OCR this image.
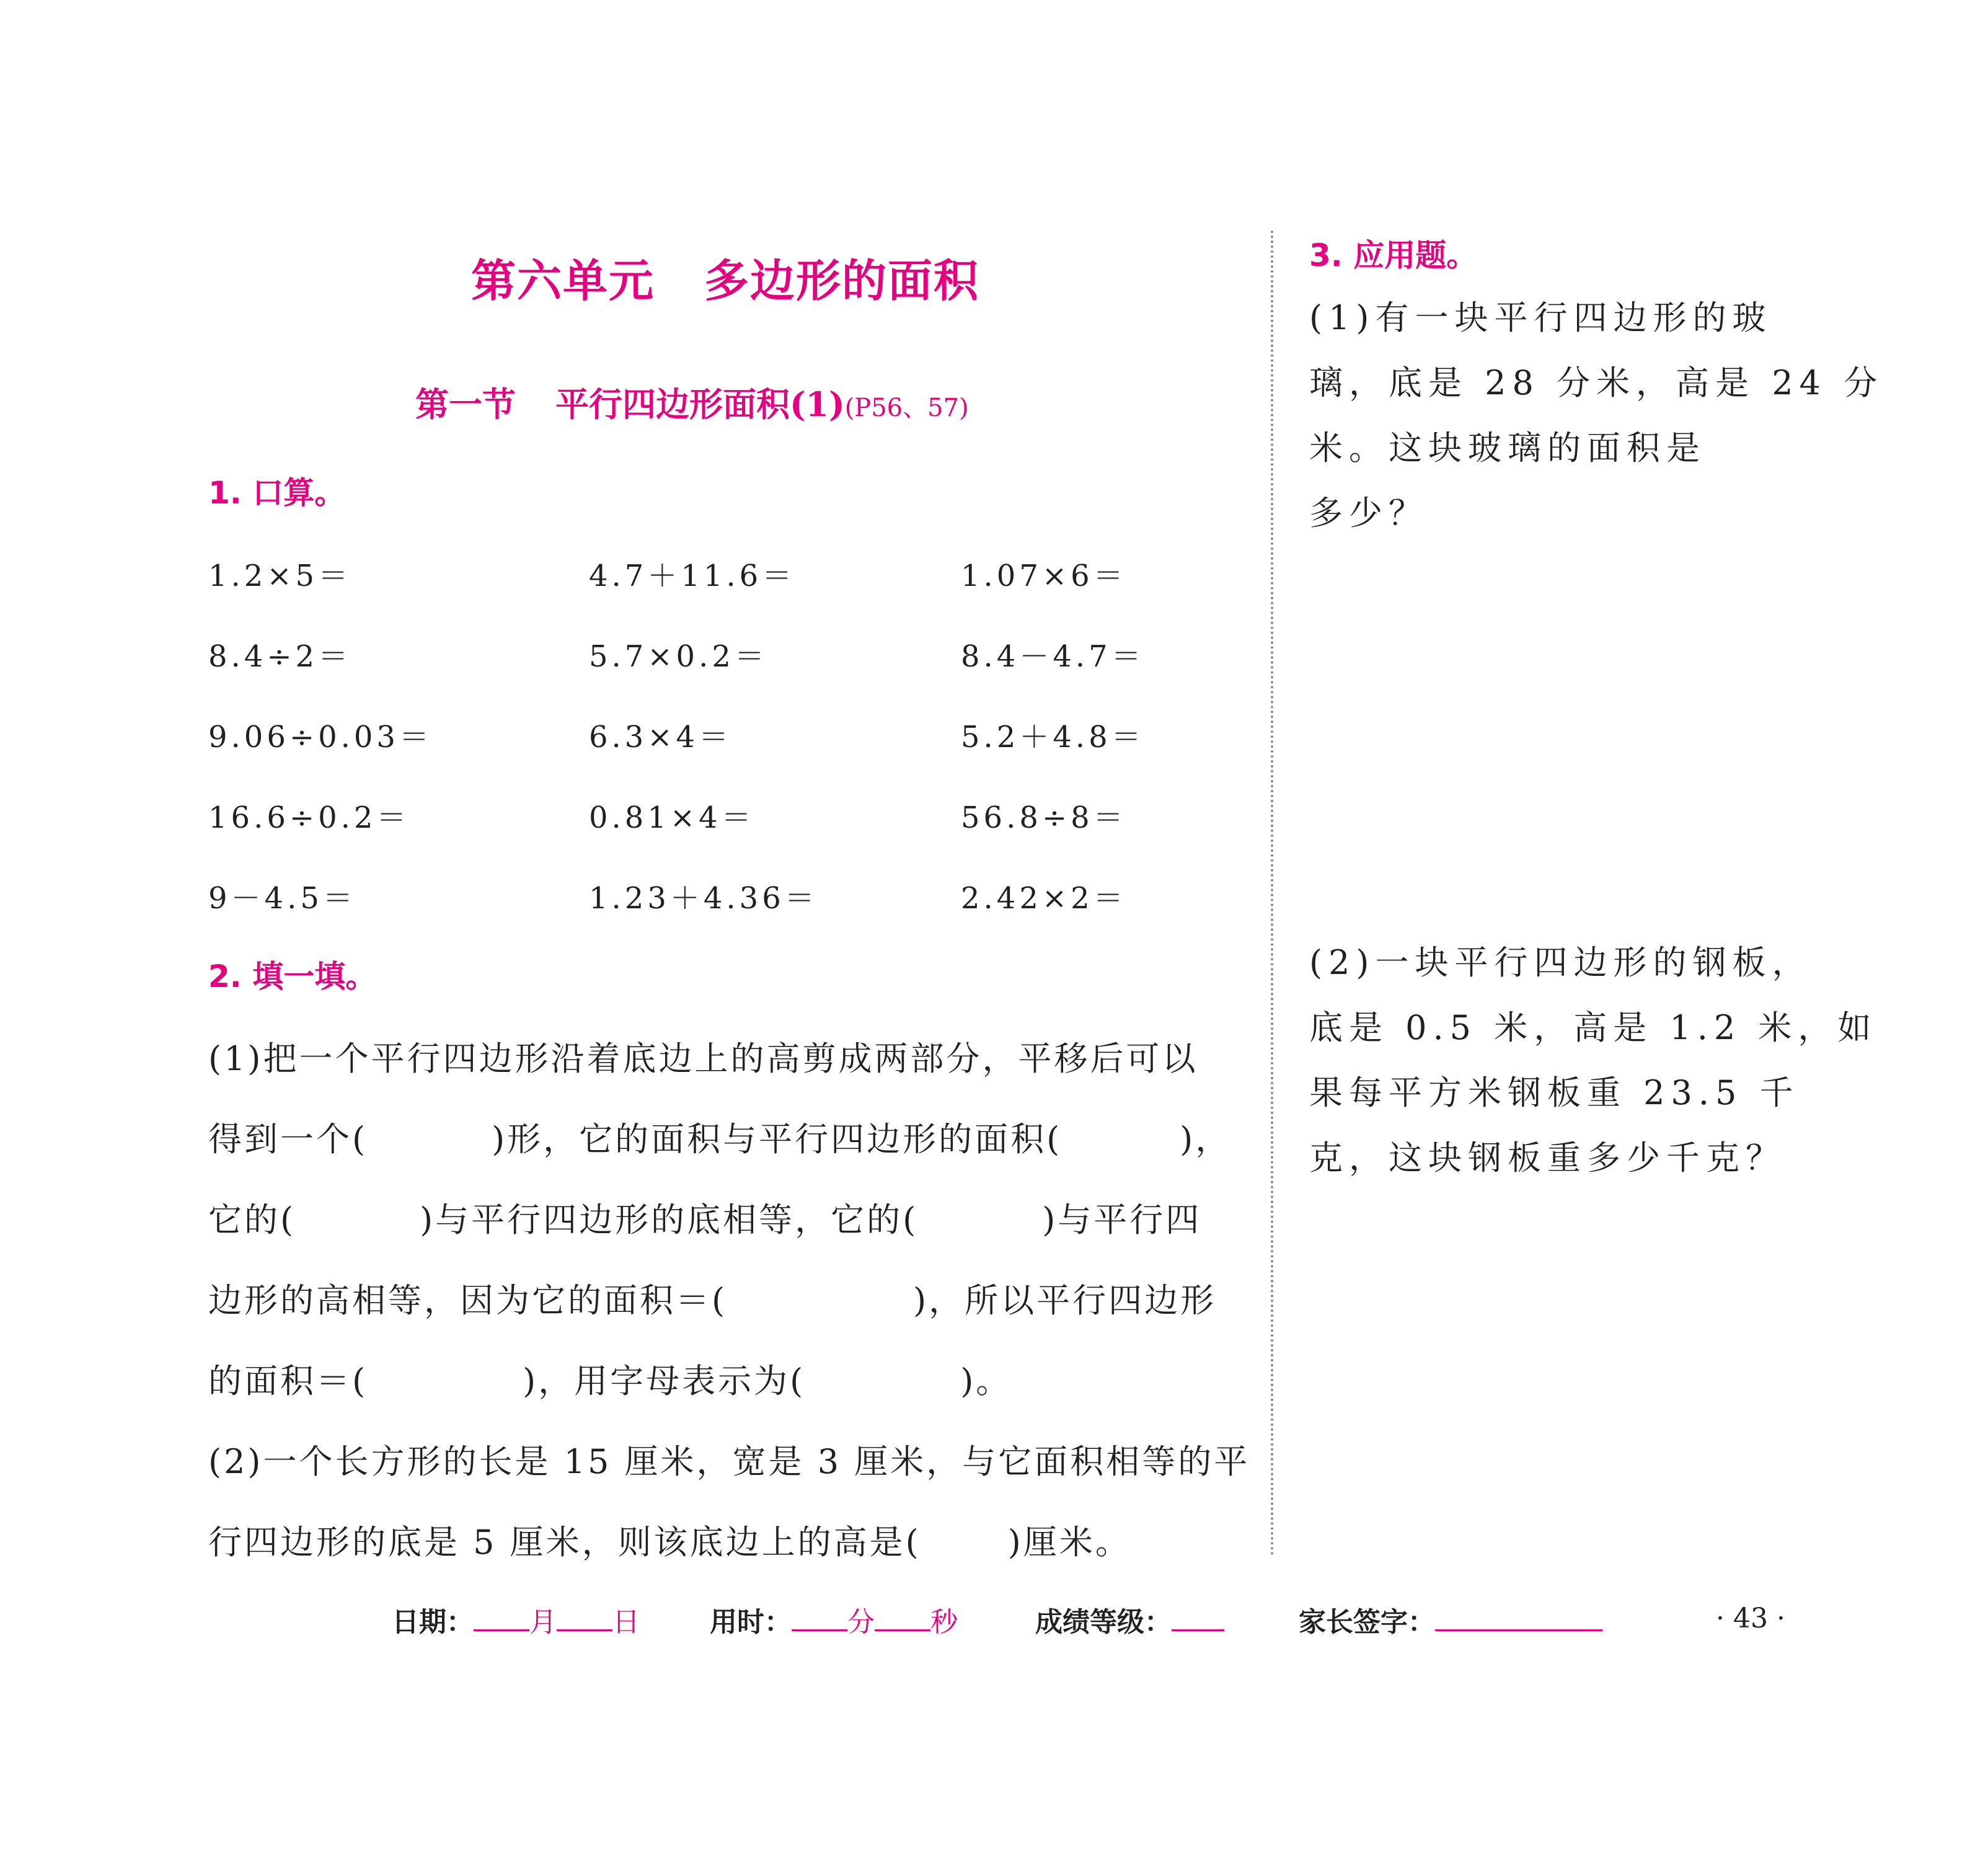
第六单元 多边形的面积
第一节 平行四边形面积(1)(P56、57)
1. 口算。
1.2×5＝	4.7＋11.6＝	1.07×6＝
8.4÷2＝	5.7×0.2＝	8.4－4.7＝
9.06÷0.03＝	6.3×4＝	5.2＋4.8＝
16.6÷0.2＝	0.81×4＝	56.8÷8＝
9－4.5＝	1.23＋4.36＝	2.42×2＝
2. 填一填。
(1)把一个平行四边形沿着底边上的高剪成两部分，平移后可以
得到一个(	)形，它的面积与平行四边形的面积(	)，
它的(	)与平行四边形的底相等，它的(	)与平行四
边形的高相等，因为它的面积＝(	)，所以平行四边形
的面积＝(	)，用字母表示为(	)。
(2)一个长方形的长是 15 厘米，宽是 3 厘米，与它面积相等的平
行四边形的底是 5 厘米，则该底边上的高是(	)厘米。
3. 应用题。
(1)有一块平行四边形的玻
璃，底是 28 分米，高是 24 分
米。这块玻璃的面积是
多少？
(2)一块平行四边形的钢板，
底是 0.5 米，高是 1.2 米，如
果每平方米钢板重 23.5 千
克，这块钢板重多少千克？
日期： 月 日	用时： 分 秒	成绩等级：	家长签字：	· 43 ·
